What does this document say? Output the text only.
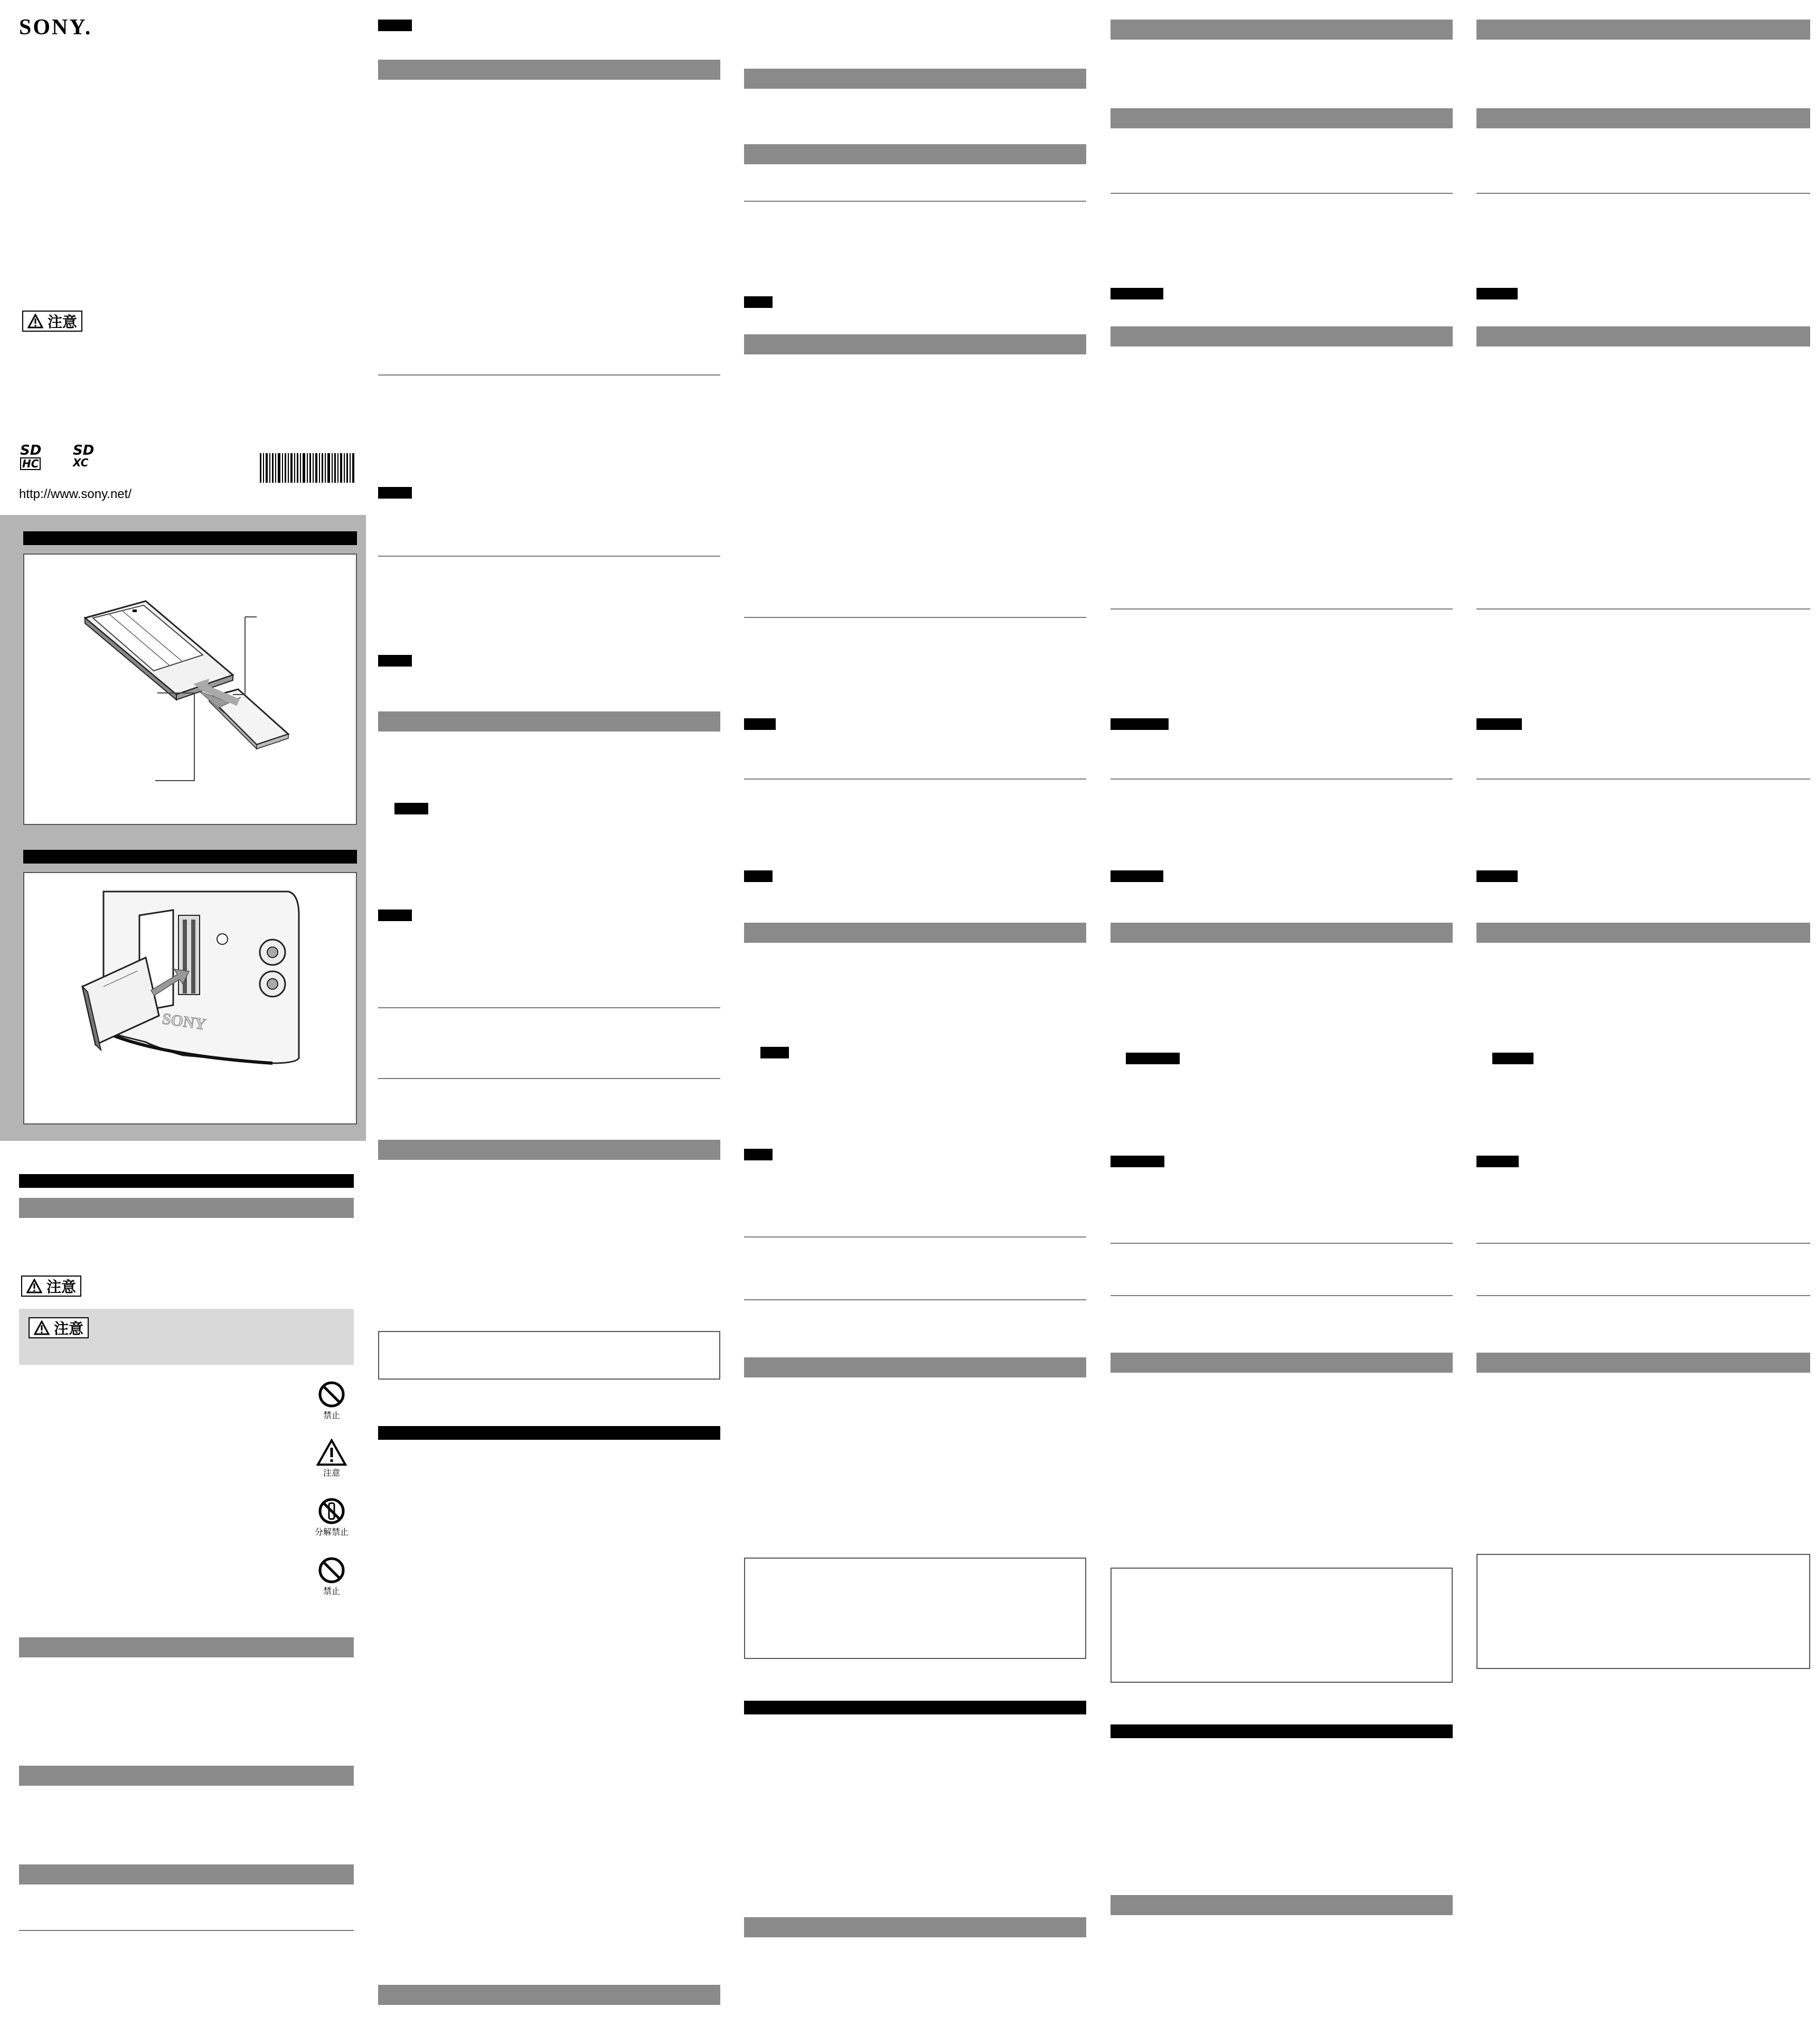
SONY.
注意
SD
HC
SD
XC
http://www.sony.net/
SONY
注意
注意
禁止
注意
分解禁止
禁止
